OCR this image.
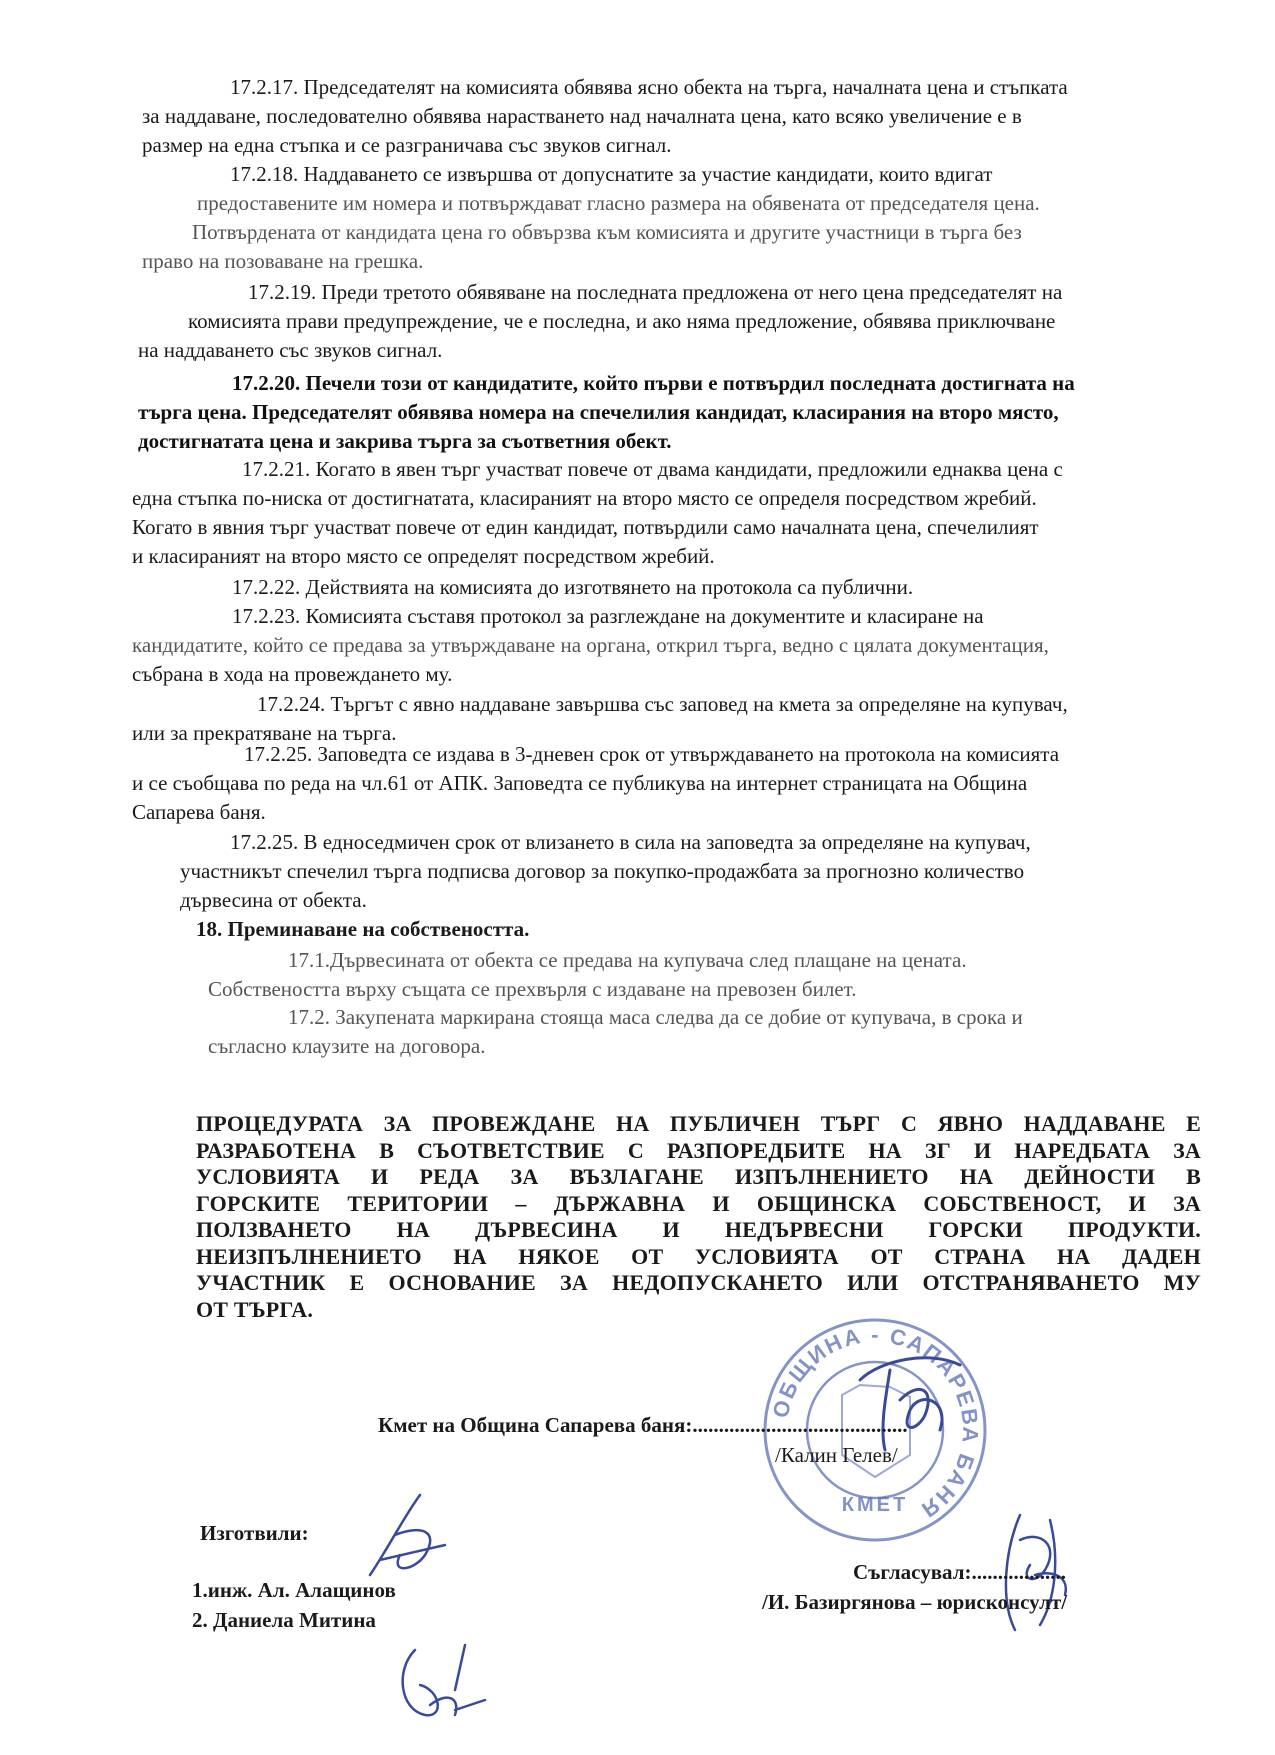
17.2.17. Председателят на комисията обявява ясно обекта на търга, началната цена и стъпката
за наддаване, последователно обявява нарастването над началната цена, като всяко увеличение е в
размер на една стъпка и се разграничава със звуков сигнал.
17.2.18. Наддаването се извършва от допуснатите за участие кандидати, които вдигат
предоставените им номера и потвърждават гласно размера на обявената от председателя цена.
Потвърдената от кандидата цена го обвързва към комисията и другите участници в търга без
право на позоваване на грешка.
17.2.19. Преди третото обявяване на последната предложена от него цена председателят на
комисията прави предупреждение, че е последна, и ако няма предложение, обявява приключване
на наддаването със звуков сигнал.
17.2.20. Печели този от кандидатите, който първи е потвърдил последната достигната на
търга цена. Председателят обявява номера на спечелилия кандидат, класирания на второ място,
достигнатата цена и закрива търга за съответния обект.
17.2.21. Когато в явен търг участват повече от двама кандидати, предложили еднаква цена с
една стъпка по-ниска от достигнатата, класираният на второ място се определя посредством жребий.
Когато в явния търг участват повече от един кандидат, потвърдили само началната цена, спечелилият
и класираният на второ място се определят посредством жребий.
17.2.22. Действията на комисията до изготвянето на протокола са публични.
17.2.23. Комисията съставя протокол за разглеждане на документите и класиране на
кандидатите, който се предава за утвърждаване на органа, открил търга, ведно с цялата документация,
събрана в хода на провеждането му.
17.2.24. Търгът с явно наддаване завършва със заповед на кмета за определяне на купувач,
или за прекратяване на търга.
17.2.25. Заповедта се издава в 3-дневен срок от утвърждаването на протокола на комисията
и се съобщава по реда на чл.61 от АПК. Заповедта се публикува на интернет страницата на Община
Сапарева баня.
17.2.25. В едноседмичен срок от влизането в сила на заповедта за определяне на купувач,
участникът спечелил търга подписва договор за покупко-продажбата за прогнозно количество
дървесина от обекта.
18. Преминаване на собствеността.
17.1.Дървесината от обекта се предава на купувача след плащане на цената.
Собствеността върху същата се прехвърля с издаване на превозен билет.
17.2. Закупената маркирана стояща маса следва да се добие от купувача, в срока и
съгласно клаузите на договора.
ПРОЦЕДУРАТА ЗА ПРОВЕЖДАНЕ НА ПУБЛИЧЕН ТЪРГ С ЯВНО НАДДАВАНЕ Е
РАЗРАБОТЕНА В СЪОТВЕТСТВИЕ С РАЗПОРЕДБИТЕ НА ЗГ И НАРЕДБАТА ЗА
УСЛОВИЯТА И РЕДА ЗА ВЪЗЛАГАНЕ ИЗПЪЛНЕНИЕТО НА ДЕЙНОСТИ В
ГОРСКИТЕ ТЕРИТОРИИ – ДЪРЖАВНА И ОБЩИНСКА СОБСТВЕНОСТ, И ЗА
ПОЛЗВАНЕТО НА ДЪРВЕСИНА И НЕДЪРВЕСНИ ГОРСКИ ПРОДУКТИ.
НЕИЗПЪЛНЕНИЕТО НА НЯКОЕ ОТ УСЛОВИЯТА ОТ СТРАНА НА ДАДЕН
УЧАСТНИК Е ОСНОВАНИЕ ЗА НЕДОПУСКАНЕТО ИЛИ ОТСТРАНЯВАНЕТО МУ
ОТ ТЪРГА.
ОБЩИНА - САПАРЕВА БАНЯ
КМЕТ
Кмет на Община Сапарева баня:.........................................
/Калин Гелев/
Изготвили:
1.инж. Ал. Алащинов
2. Даниела Митина
Съгласувал:..................
/И. Базиргянова – юрисконсулт/
